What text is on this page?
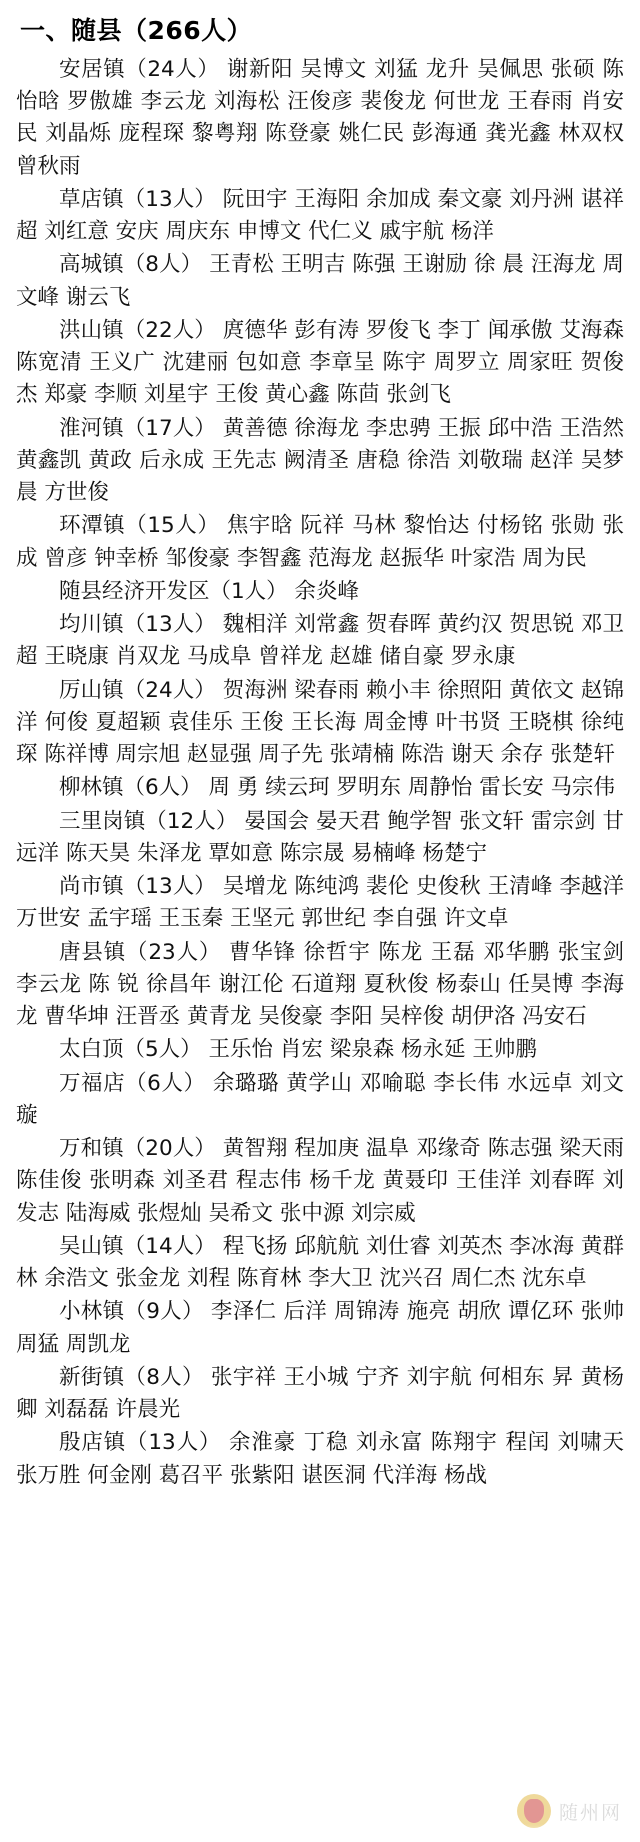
一、随县（266人）

安居镇（24人） 谢新阳 吴博文 刘猛 龙升 吴佩思 张硕 陈怡晗 罗傲雄 李云龙 刘海松 汪俊彦 裴俊龙 何世龙 王春雨 肖安民 刘晶烁 庞程琛 黎粤翔 陈登豪 姚仁民 彭海通 龚光鑫 林双权 曾秋雨

草店镇（13人） 阮田宇 王海阳 余加成 秦文豪 刘丹洲 谌祥超 刘红意 安庆 周庆东 申博文 代仁义 戚宇航 杨洋

高城镇（8人） 王青松 王明吉 陈强 王谢励 徐 晨 汪海龙 周文峰 谢云飞

洪山镇（22人） 庹德华 彭有涛 罗俊飞 李丁 闻承傲 艾海森 陈宽清 王义广 沈建丽 包如意 李章呈 陈宇 周罗立 周家旺 贺俊杰 郑豪 李顺 刘星宇 王俊 黄心鑫 陈茴 张剑飞

淮河镇（17人） 黄善德 徐海龙 李忠骋 王振 邱中浩 王浩然 黄鑫凯 黄政 后永成 王先志 阙清圣 唐稳 徐浩 刘敬瑞 赵洋 吴梦晨 方世俊

环潭镇（15人） 焦宇晗 阮祥 马林 黎怡达 付杨铭 张勋 张成 曾彦 钟幸桥 邹俊豪 李智鑫 范海龙 赵振华 叶家浩 周为民

随县经济开发区（1人） 余炎峰

均川镇（13人） 魏相洋 刘常鑫 贺春晖 黄约汉 贺思锐 邓卫超 王晓康 肖双龙 马成阜 曾祥龙 赵雄 储自豪 罗永康

厉山镇（24人） 贺海洲 梁春雨 赖小丰 徐照阳 黄依文 赵锦洋 何俊 夏超颖 袁佳乐 王俊 王长海 周金博 叶书贤 王晓棋 徐纯琛 陈祥博 周宗旭 赵显强 周子先 张靖楠 陈浩 谢天 余存 张楚轩

柳林镇（6人） 周 勇 续云珂 罗明东 周静怡 雷长安 马宗伟

三里岗镇（12人） 晏国会 晏天君 鲍学智 张文轩 雷宗剑 甘远洋 陈天昊 朱泽龙 覃如意 陈宗晟 易楠峰 杨楚宁

尚市镇（13人） 吴增龙 陈纯鸿 裴伦 史俊秋 王清峰 李越洋 万世安 孟宇瑶 王玉秦 王坚元 郭世纪 李自强 许文卓

唐县镇（23人） 曹华锋 徐哲宇 陈龙 王磊 邓华鹏 张宝剑 李云龙 陈 锐 徐昌年 谢江伦 石道翔 夏秋俊 杨泰山 任昊博 李海龙 曹华坤 汪晋丞 黄青龙 吴俊豪 李阳 吴梓俊 胡伊洛 冯安石

太白顶（5人） 王乐怡 肖宏 梁泉森 杨永延 王帅鹏

万福店（6人） 余璐璐 黄学山 邓喻聪 李长伟 水远卓 刘文璇

万和镇（20人） 黄智翔 程加庚 温阜 邓缘奇 陈志强 梁天雨 陈佳俊 张明森 刘圣君 程志伟 杨千龙 黄聂印 王佳洋 刘春晖 刘发志 陆海威 张煜灿 吴希文 张中源 刘宗威

吴山镇（14人） 程飞扬 邱航航 刘仕睿 刘英杰 李冰海 黄群林 余浩文 张金龙 刘程 陈育林 李大卫 沈兴召 周仁杰 沈东卓

小林镇（9人） 李泽仁 后洋 周锦涛 施亮 胡欣 谭亿环 张帅 周猛 周凯龙

新街镇（8人） 张宇祥 王小城 宁齐 刘宇航 何相东 昇 黄杨卿 刘磊磊 许晨光

殷店镇（13人） 余淮豪 丁稳 刘永富 陈翔宇 程闰 刘啸天 张万胜 何金刚 葛召平 张紫阳 谌医洞 代洋海 杨战

随州网
